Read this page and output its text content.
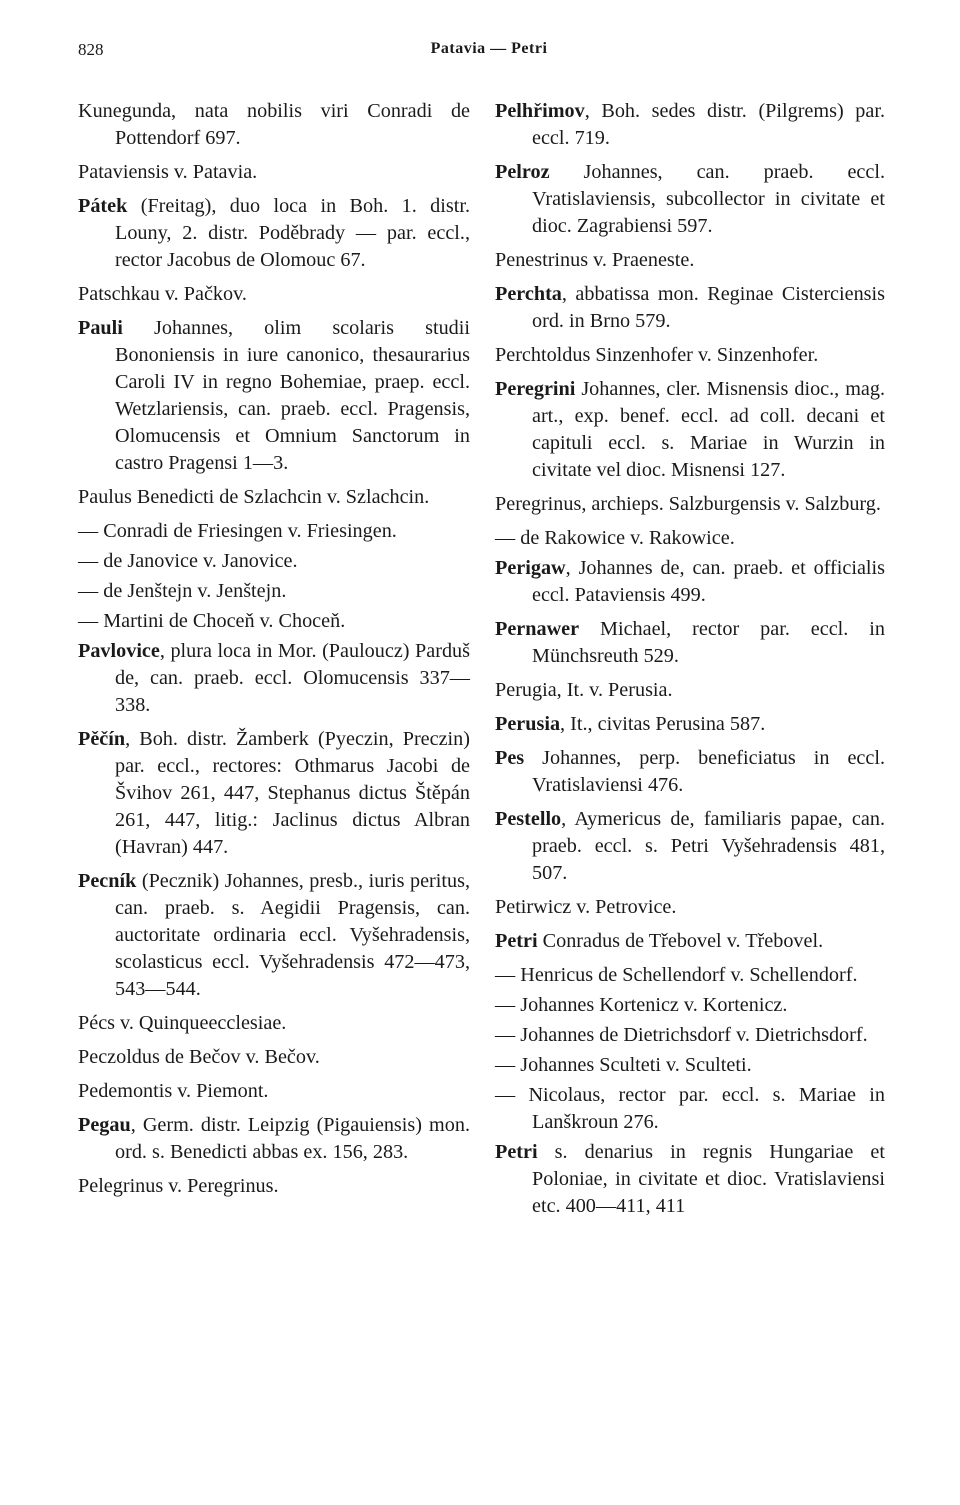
828	Patavia — Petri

Kunegunda, nata nobilis viri Conradi de Pottendorf 697.

Pataviensis v. Patavia.

Pátek (Freitag), duo loca in Boh. 1. distr. Louny, 2. distr. Poděbrady — par. eccl., rector Jacobus de Olomouc 67.

Patschkau v. Pačkov.

Pauli Johannes, olim scolaris studii Bononiensis in iure canonico, thesaurarius Caroli IV in regno Bohemiae, praep. eccl. Wetzlariensis, can. praeb. eccl. Pragensis, Olomucensis et Omnium Sanctorum in castro Pragensi 1—3.

Paulus Benedicti de Szlachcin v. Szlachcin.

— Conradi de Friesingen v. Friesingen.

— de Janovice v. Janovice.

— de Jenštejn v. Jenštejn.

— Martini de Choceň v. Choceň.

Pavlovice, plura loca in Mor. (Pauloucz) Parduš de, can. praeb. eccl. Olomucensis 337—338.

Pěčín, Boh. distr. Žamberk (Pyeczin, Preczin) par. eccl., rectores: Othmarus Jacobi de Švihov 261, 447, Stephanus dictus Štěpán 261, 447, litig.: Jaclinus dictus Albran (Havran) 447.

Pecník (Pecznik) Johannes, presb., iuris peritus, can. praeb. s. Aegidii Pragensis, can. auctoritate ordinaria eccl. Vyšehradensis, scolasticus eccl. Vyšehradensis 472—473, 543—544.

Pécs v. Quinqueecclesiae.

Peczoldus de Bečov v. Bečov.

Pedemontis v. Piemont.

Pegau, Germ. distr. Leipzig (Pigauiensis) mon. ord. s. Benedicti abbas ex. 156, 283.

Pelegrinus v. Peregrinus.

Pelhřimov, Boh. sedes distr. (Pilgrems) par. eccl. 719.

Pelroz Johannes, can. praeb. eccl. Vratislaviensis, subcollector in civitate et dioc. Zagrabiensi 597.

Penestrinus v. Praeneste.

Perchta, abbatissa mon. Reginae Cisterciensis ord. in Brno 579.

Perchtoldus Sinzenhofer v. Sinzenhofer.

Peregrini Johannes, cler. Misnensis dioc., mag. art., exp. benef. eccl. ad coll. decani et capituli eccl. s. Mariae in Wurzin in civitate vel dioc. Misnensi 127.

Peregrinus, archieps. Salzburgensis v. Salzburg.

— de Rakowice v. Rakowice.

Perigaw, Johannes de, can. praeb. et officialis eccl. Pataviensis 499.

Pernawer Michael, rector par. eccl. in Münchsreuth 529.

Perugia, It. v. Perusia.

Perusia, It., civitas Perusina 587.

Pes Johannes, perp. beneficiatus in eccl. Vratislaviensi 476.

Pestello, Aymericus de, familiaris papae, can. praeb. eccl. s. Petri Vyšehradensis 481, 507.

Petirwicz v. Petrovice.

Petri Conradus de Třebovel v. Třebovel.

— Henricus de Schellendorf v. Schellendorf.

— Johannes Kortenicz v. Kortenicz.

— Johannes de Dietrichsdorf v. Dietrichsdorf.

— Johannes Sculteti v. Sculteti.

— Nicolaus, rector par. eccl. s. Mariae in Lanškroun 276.

Petri s. denarius in regnis Hungariae et Poloniae, in civitate et dioc. Vratislaviensi etc. 400—411, 411
